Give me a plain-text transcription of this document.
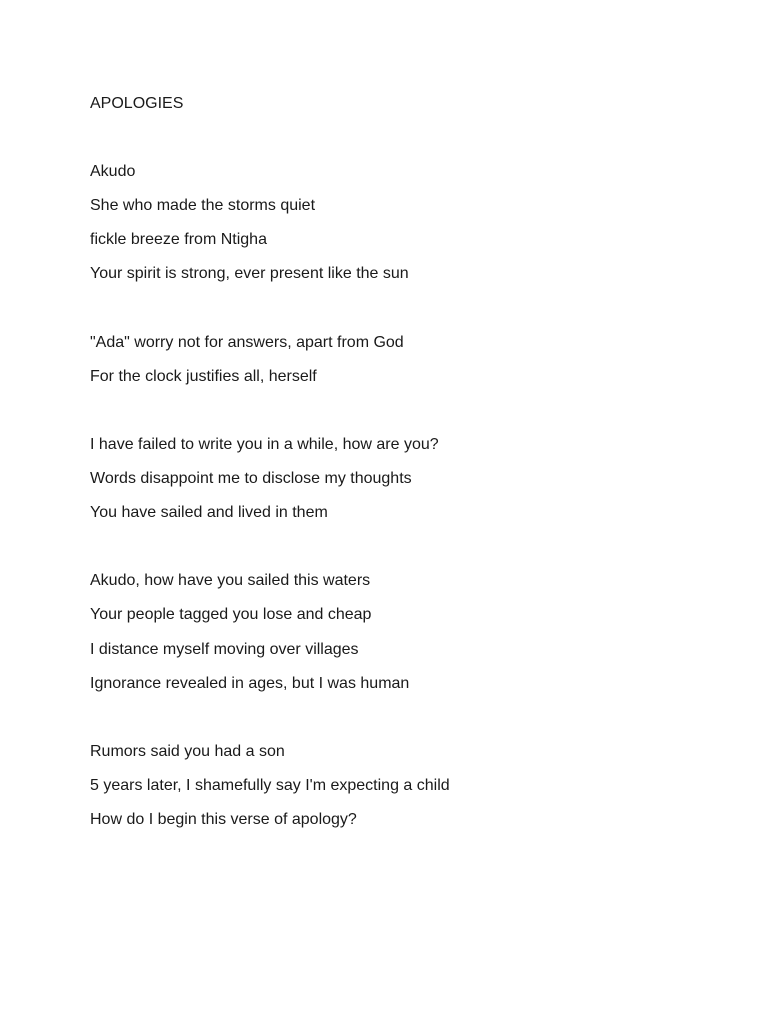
APOLOGIES
Akudo
She who made the storms quiet
fickle breeze from Ntigha
Your spirit is strong, ever present like the sun
"Ada" worry not for answers, apart from God
For the clock justifies all, herself
I have failed to write you in a while, how are you?
Words disappoint me to disclose my thoughts
You have sailed and lived in them
Akudo, how have you sailed this waters
Your people tagged you lose and cheap
I distance myself moving over villages
Ignorance revealed in ages, but I was human
Rumors said you had a son
5 years later, I shamefully say I'm expecting a child
How do I begin this verse of apology?
